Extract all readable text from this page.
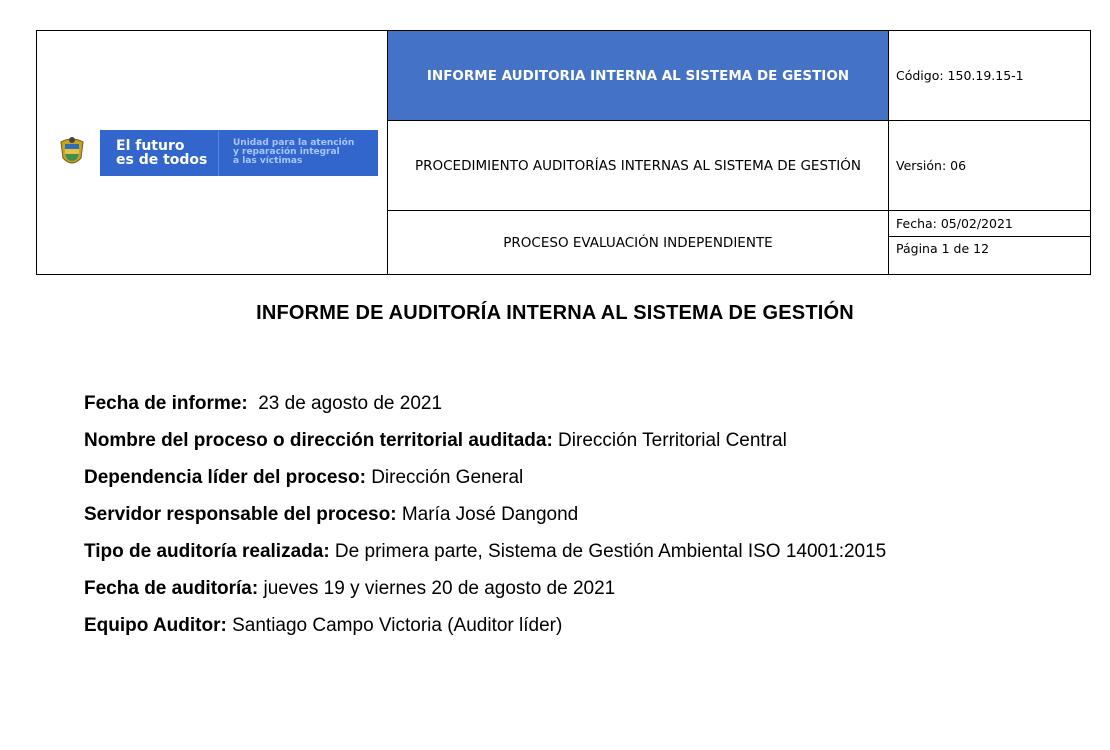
El futuro
es de todos
Unidad para la atención
y reparación integral
a las víctimas	INFORME AUDITORIA INTERNA AL SISTEMA DE GESTION	Código: 150.19.15-1
	PROCEDIMIENTO AUDITORÍAS INTERNAS AL SISTEMA DE GESTIÓN	Versión: 06
	PROCESO EVALUACIÓN INDEPENDIENTE	Fecha: 05/02/2021
		Página 1 de 12
INFORME DE AUDITORÍA INTERNA AL SISTEMA DE GESTIÓN

Fecha de informe:  23 de agosto de 2021

Nombre del proceso o dirección territorial auditada: Dirección Territorial Central

Dependencia líder del proceso: Dirección General

Servidor responsable del proceso: María José Dangond

Tipo de auditoría realizada: De primera parte, Sistema de Gestión Ambiental ISO 14001:2015

Fecha de auditoría: jueves 19 y viernes 20 de agosto de 2021

Equipo Auditor: Santiago Campo Victoria (Auditor líder)
